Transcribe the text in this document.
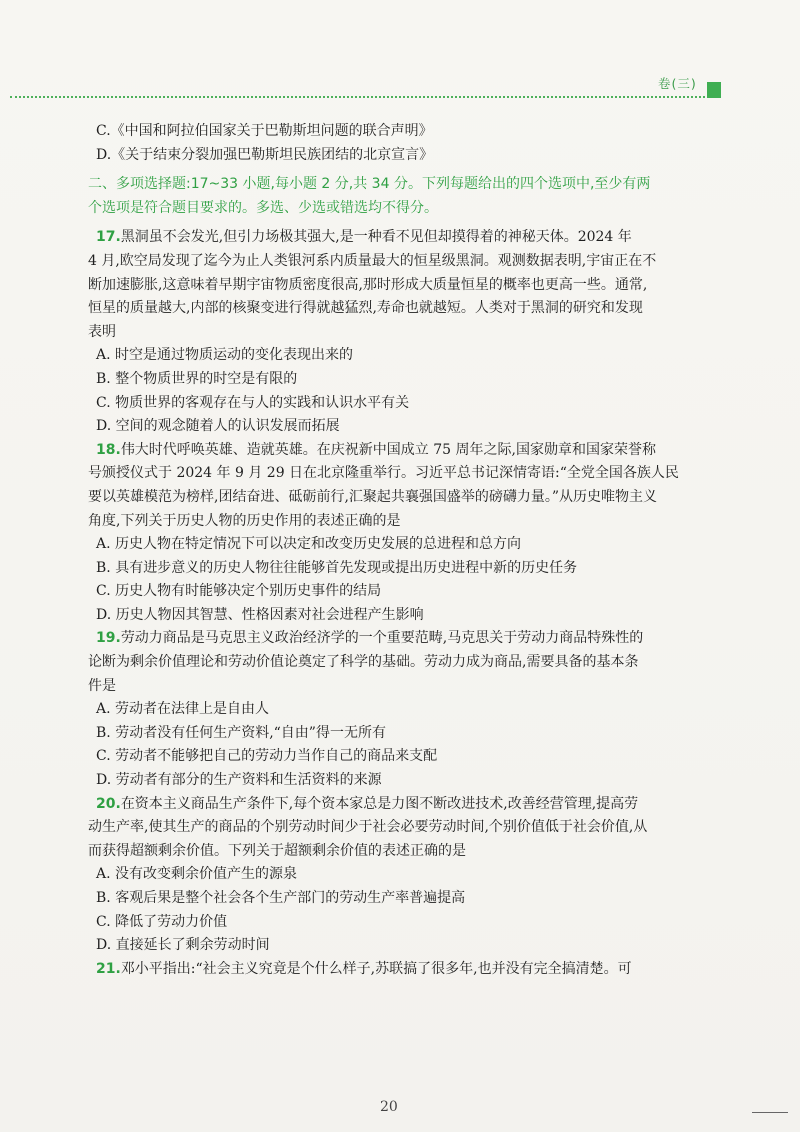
卷(三)
C.《中国和阿拉伯国家关于巴勒斯坦问题的联合声明》
D.《关于结束分裂加强巴勒斯坦民族团结的北京宣言》
二、多项选择题:17~33 小题,每小题 2 分,共 34 分。下列每题给出的四个选项中,至少有两
个选项是符合题目要求的。多选、少选或错选均不得分。
17.黑洞虽不会发光,但引力场极其强大,是一种看不见但却摸得着的神秘天体。2024 年
4 月,欧空局发现了迄今为止人类银河系内质量最大的恒星级黑洞。观测数据表明,宇宙正在不
断加速膨胀,这意味着早期宇宙物质密度很高,那时形成大质量恒星的概率也更高一些。通常,
恒星的质量越大,内部的核聚变进行得就越猛烈,寿命也就越短。人类对于黑洞的研究和发现
表明
A. 时空是通过物质运动的变化表现出来的
B. 整个物质世界的时空是有限的
C. 物质世界的客观存在与人的实践和认识水平有关
D. 空间的观念随着人的认识发展而拓展
18.伟大时代呼唤英雄、造就英雄。在庆祝新中国成立 75 周年之际,国家勋章和国家荣誉称
号颁授仪式于 2024 年 9 月 29 日在北京隆重举行。习近平总书记深情寄语:“全党全国各族人民
要以英雄模范为榜样,团结奋进、砥砺前行,汇聚起共襄强国盛举的磅礴力量。”从历史唯物主义
角度,下列关于历史人物的历史作用的表述正确的是
A. 历史人物在特定情况下可以决定和改变历史发展的总进程和总方向
B. 具有进步意义的历史人物往往能够首先发现或提出历史进程中新的历史任务
C. 历史人物有时能够决定个别历史事件的结局
D. 历史人物因其智慧、性格因素对社会进程产生影响
19.劳动力商品是马克思主义政治经济学的一个重要范畴,马克思关于劳动力商品特殊性的
论断为剩余价值理论和劳动价值论奠定了科学的基础。劳动力成为商品,需要具备的基本条
件是
A. 劳动者在法律上是自由人
B. 劳动者没有任何生产资料,“自由”得一无所有
C. 劳动者不能够把自己的劳动力当作自己的商品来支配
D. 劳动者有部分的生产资料和生活资料的来源
20.在资本主义商品生产条件下,每个资本家总是力图不断改进技术,改善经营管理,提高劳
动生产率,使其生产的商品的个别劳动时间少于社会必要劳动时间,个别价值低于社会价值,从
而获得超额剩余价值。下列关于超额剩余价值的表述正确的是
A. 没有改变剩余价值产生的源泉
B. 客观后果是整个社会各个生产部门的劳动生产率普遍提高
C. 降低了劳动力价值
D. 直接延长了剩余劳动时间
21.邓小平指出:“社会主义究竟是个什么样子,苏联搞了很多年,也并没有完全搞清楚。可
20
